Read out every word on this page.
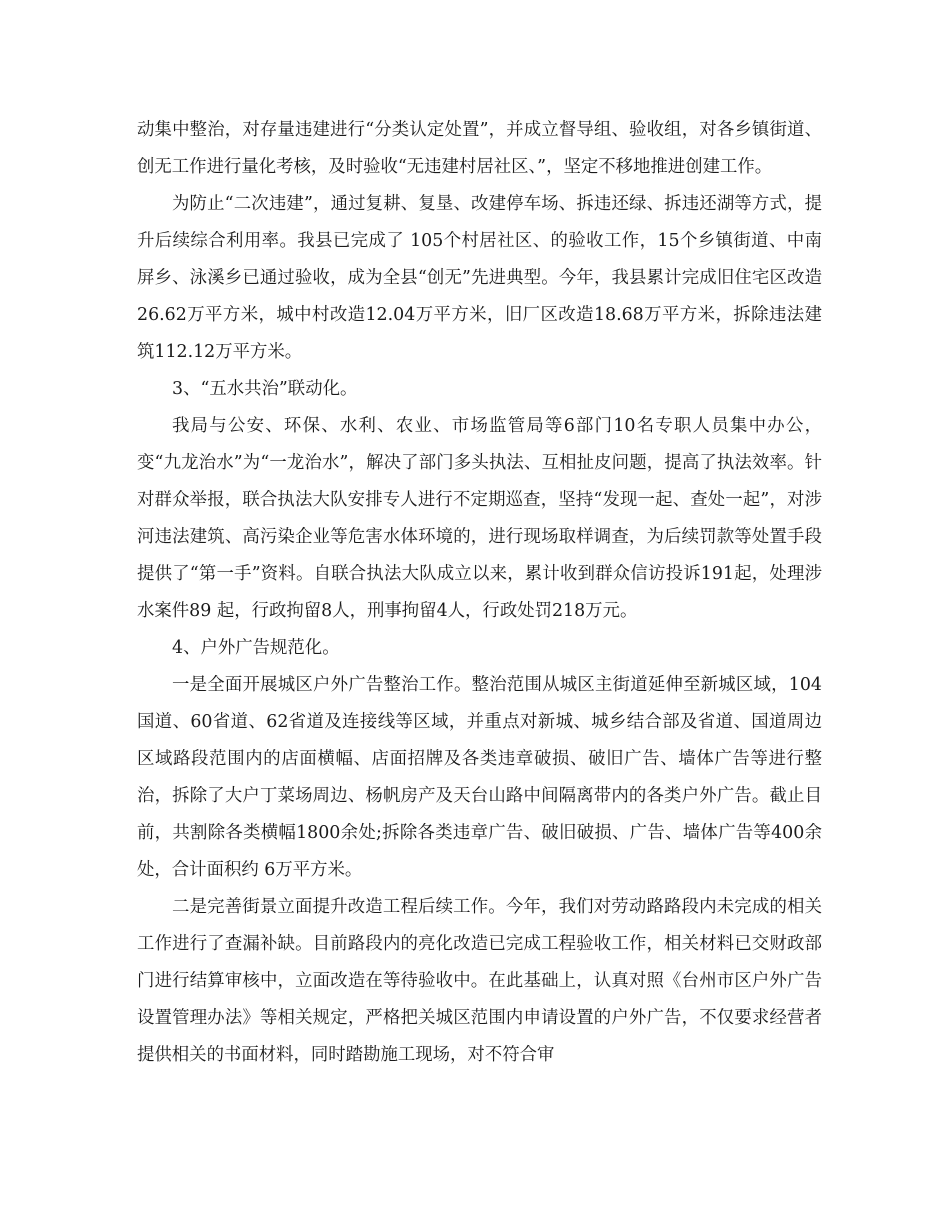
动集中整治，对存量违建进行“分类认定处置”，并成立督导组、验收组，对各乡镇街道、创无工作进行量化考核，及时验收“无违建村居社区、”，坚定不移地推进创建工作。

为防止“二次违建”，通过复耕、复垦、改建停车场、拆违还绿、拆违还湖等方式，提升后续综合利用率。我县已完成了 105个村居社区、的验收工作，15个乡镇街道、中南屏乡、泳溪乡已通过验收，成为全县“创无”先进典型。今年，我县累计完成旧住宅区改造26.62万平方米，城中村改造12.04万平方米，旧厂区改造18.68万平方米，拆除违法建筑112.12万平方米。

3、“五水共治”联动化。

我局与公安、环保、水利、农业、市场监管局等6部门10名专职人员集中办公，变“九龙治水”为“一龙治水”，解决了部门多头执法、互相扯皮问题，提高了执法效率。针对群众举报，联合执法大队安排专人进行不定期巡查，坚持“发现一起、查处一起”，对涉河违法建筑、高污染企业等危害水体环境的，进行现场取样调查，为后续罚款等处置手段提供了“第一手”资料。自联合执法大队成立以来，累计收到群众信访投诉191起，处理涉水案件89 起，行政拘留8人，刑事拘留4人，行政处罚218万元。

4、户外广告规范化。

一是全面开展城区户外广告整治工作。整治范围从城区主街道延伸至新城区域，104国道、60省道、62省道及连接线等区域，并重点对新城、城乡结合部及省道、国道周边区域路段范围内的店面横幅、店面招牌及各类违章破损、破旧广告、墙体广告等进行整治，拆除了大户丁菜场周边、杨帆房产及天台山路中间隔离带内的各类户外广告。截止目前，共割除各类横幅1800余处;拆除各类违章广告、破旧破损、广告、墙体广告等400余处，合计面积约 6万平方米。

二是完善街景立面提升改造工程后续工作。今年，我们对劳动路路段内未完成的相关工作进行了查漏补缺。目前路段内的亮化改造已完成工程验收工作，相关材料已交财政部门进行结算审核中，立面改造在等待验收中。在此基础上，认真对照《台州市区户外广告设置管理办法》等相关规定，严格把关城区范围内申请设置的户外广告，不仅要求经营者提供相关的书面材料，同时踏勘施工现场，对不符合审
